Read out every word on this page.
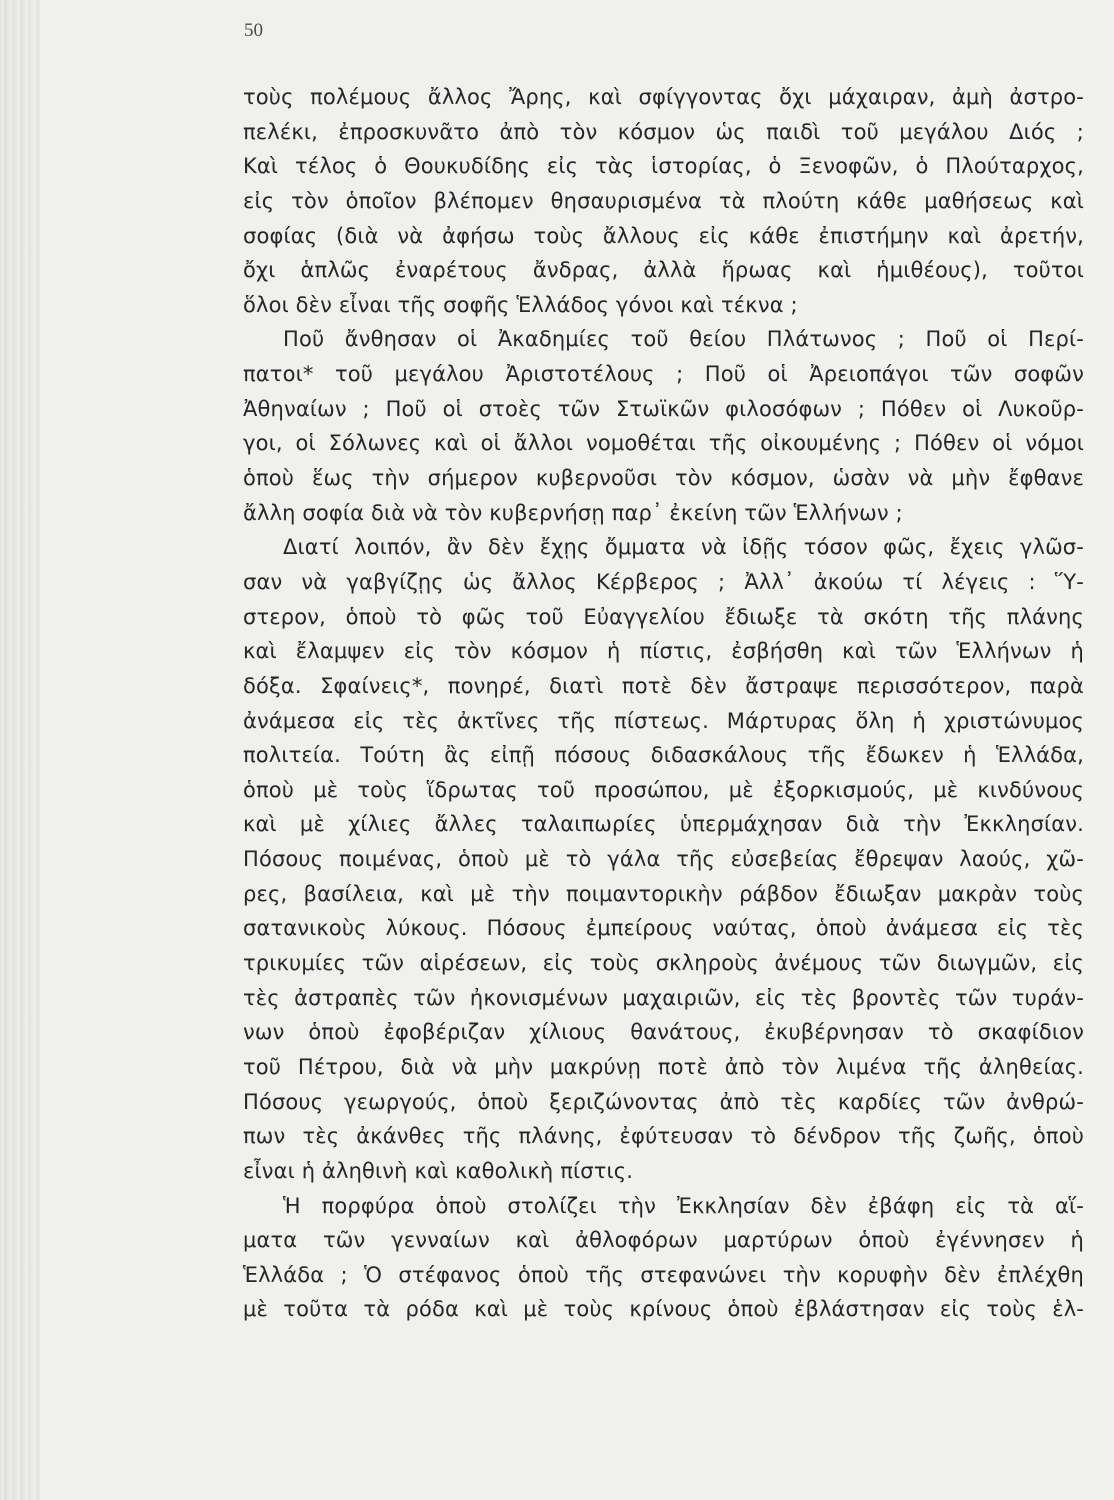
50
τοὺς πολέμους ἄλλος Ἄρης, καὶ σφίγγοντας ὄχι μάχαιραν, ἀμὴ ἀστρο-
πελέκι, ἐπροσκυνᾶτο ἀπὸ τὸν κόσμον ὡς παιδὶ τοῦ μεγάλου Διός ;
Καὶ τέλος ὁ Θουκυδίδης εἰς τὰς ἱστορίας, ὁ Ξενοφῶν, ὁ Πλούταρχος,
εἰς τὸν ὁποῖον βλέπομεν θησαυρισμένα τὰ πλούτη κάθε μαθήσεως καὶ
σοφίας (διὰ νὰ ἀφήσω τοὺς ἄλλους εἰς κάθε ἐπιστήμην καὶ ἀρετήν,
ὄχι ἁπλῶς ἐναρέτους ἄνδρας, ἀλλὰ ἥρωας καὶ ἡμιθέους), τοῦτοι
ὅλοι δὲν εἶναι τῆς σοφῆς Ἑλλάδος γόνοι καὶ τέκνα ;
Ποῦ ἄνθησαν οἱ Ἀκαδημίες τοῦ θείου Πλάτωνος ; Ποῦ οἱ Περί-
πατοι* τοῦ μεγάλου Ἀριστοτέλους ; Ποῦ οἱ Ἀρειοπάγοι τῶν σοφῶν
Ἀθηναίων ; Ποῦ οἱ στοὲς τῶν Στωϊκῶν φιλοσόφων ; Πόθεν οἱ Λυκοῦρ-
γοι, οἱ Σόλωνες καὶ οἱ ἄλλοι νομοθέται τῆς οἰκουμένης ; Πόθεν οἱ νόμοι
ὁποὺ ἕως τὴν σήμερον κυβερνοῦσι τὸν κόσμον, ὡσὰν νὰ μὴν ἔφθανε
ἄλλη σοφία διὰ νὰ τὸν κυβερνήσῃ παρ᾽ ἐκείνη τῶν Ἑλλήνων ;
Διατί λοιπόν, ἂν δὲν ἔχῃς ὄμματα νὰ ἰδῇς τόσον φῶς, ἔχεις γλῶσ-
σαν νὰ γαβγίζῃς ὡς ἄλλος Κέρβερος ; Ἀλλ᾽ ἀκούω τί λέγεις : Ὕ-
στερον, ὁποὺ τὸ φῶς τοῦ Εὐαγγελίου ἔδιωξε τὰ σκότη τῆς πλάνης
καὶ ἔλαμψεν εἰς τὸν κόσμον ἡ πίστις, ἐσβήσθη καὶ τῶν Ἑλλήνων ἡ
δόξα. Σφαίνεις*, πονηρέ, διατὶ ποτὲ δὲν ἄστραψε περισσότερον, παρὰ
ἀνάμεσα εἰς τὲς ἀκτῖνες τῆς πίστεως. Μάρτυρας ὅλη ἡ χριστώνυμος
πολιτεία. Τούτη ἂς εἰπῇ πόσους διδασκάλους τῆς ἔδωκεν ἡ Ἑλλάδα,
ὁποὺ μὲ τοὺς ἵδρωτας τοῦ προσώπου, μὲ ἐξορκισμούς, μὲ κινδύνους
καὶ μὲ χίλιες ἄλλες ταλαιπωρίες ὑπερμάχησαν διὰ τὴν Ἐκκλησίαν.
Πόσους ποιμένας, ὁποὺ μὲ τὸ γάλα τῆς εὐσεβείας ἔθρεψαν λαούς, χῶ-
ρες, βασίλεια, καὶ μὲ τὴν ποιμαντορικὴν ράβδον ἔδιωξαν μακρὰν τοὺς
σατανικοὺς λύκους. Πόσους ἐμπείρους ναύτας, ὁποὺ ἀνάμεσα εἰς τὲς
τρικυμίες τῶν αἱρέσεων, εἰς τοὺς σκληροὺς ἀνέμους τῶν διωγμῶν, εἰς
τὲς ἀστραπὲς τῶν ἠκονισμένων μαχαιριῶν, εἰς τὲς βροντὲς τῶν τυράν-
νων ὁποὺ ἐφοβέριζαν χίλιους θανάτους, ἐκυβέρνησαν τὸ σκαφίδιον
τοῦ Πέτρου, διὰ νὰ μὴν μακρύνῃ ποτὲ ἀπὸ τὸν λιμένα τῆς ἀληθείας.
Πόσους γεωργούς, ὁποὺ ξεριζώνοντας ἀπὸ τὲς καρδίες τῶν ἀνθρώ-
πων τὲς ἀκάνθες τῆς πλάνης, ἐφύτευσαν τὸ δένδρον τῆς ζωῆς, ὁποὺ
εἶναι ἡ ἀληθινὴ καὶ καθολικὴ πίστις.
Ἡ πορφύρα ὁποὺ στολίζει τὴν Ἐκκλησίαν δὲν ἐβάφη εἰς τὰ αἵ-
ματα τῶν γενναίων καὶ ἀθλοφόρων μαρτύρων ὁποὺ ἐγέννησεν ἡ
Ἑλλάδα ; Ὁ στέφανος ὁποὺ τῆς στεφανώνει τὴν κορυφὴν δὲν ἐπλέχθη
μὲ τοῦτα τὰ ρόδα καὶ μὲ τοὺς κρίνους ὁποὺ ἐβλάστησαν εἰς τοὺς ἑλ-
